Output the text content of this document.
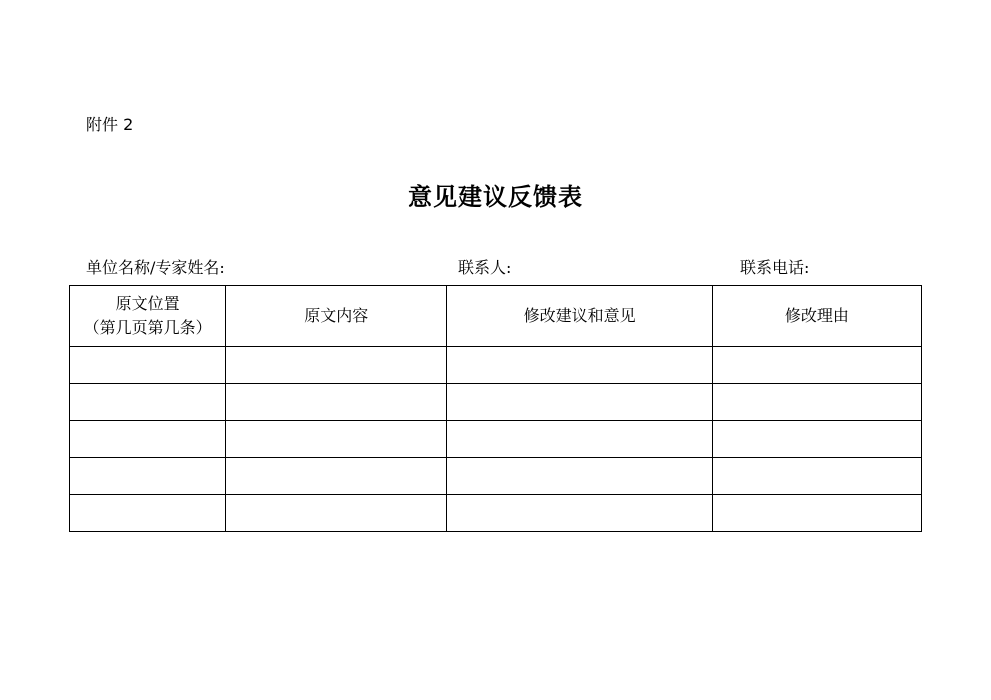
附件 2
意见建议反馈表
单位名称/专家姓名:	联系人:	联系电话:
原文位置
（第几页第几条）	原文内容	修改建议和意见	修改理由
